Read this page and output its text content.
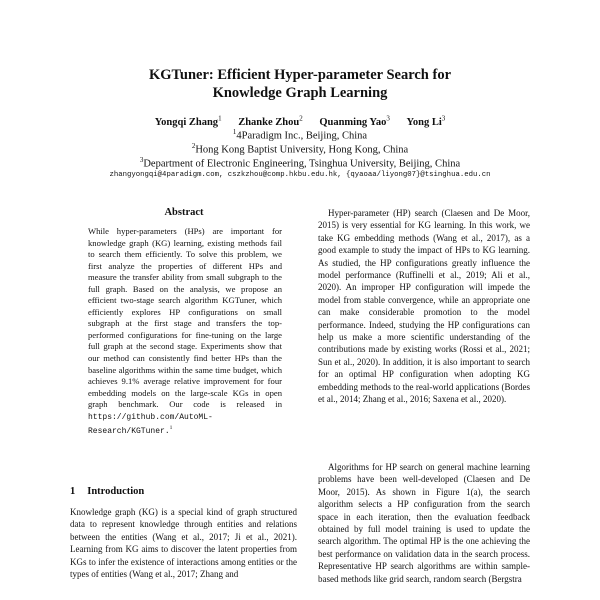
KGTuner: Efficient Hyper-parameter Search for
Knowledge Graph Learning
Yongqi Zhang$^1$ Zhanke Zhou$^2$ Quanming Yao$^3$ Yong Li$^3$
$^1$4Paradigm Inc., Beijing, China
$^2$Hong Kong Baptist University, Hong Kong, China
$^3$Department of Electronic Engineering, Tsinghua University, Beijing, China
zhangyongqi@4paradigm.com, cszkzhou@comp.hkbu.edu.hk, {qyaoaa/liyong07}@tsinghua.edu.cn
Abstract
While hyper-parameters (HPs) are important for knowledge graph (KG) learning, existing methods fail to search them efficiently. To solve this problem, we first analyze the properties of different HPs and measure the transfer ability from small subgraph to the full graph. Based on the analysis, we propose an efficient two-stage search algorithm KGTuner, which efficiently explores HP configurations on small subgraph at the first stage and transfers the top-performed configurations for fine-tuning on the large full graph at the second stage. Experiments show that our method can consistently find better HPs than the baseline algorithms within the same time budget, which achieves 9.1% average relative improvement for four embedding models on the large-scale KGs in open graph benchmark. Our code is released in https://github.com/AutoML-Research/KGTuner.$^1$
1 Introduction
Knowledge graph (KG) is a special kind of graph structured data to represent knowledge through entities and relations between the entities (Wang et al., 2017; Ji et al., 2021). Learning from KG aims to discover the latent properties from KGs to infer the existence of interactions among entities or the types of entities (Wang et al., 2017; Zhang and

Hyper-parameter (HP) search (Claesen and De Moor, 2015) is very essential for KG learning. In this work, we take KG embedding methods (Wang et al., 2017), as a good example to study the impact of HPs to KG learning. As studied, the HP configurations greatly influence the model performance (Ruffinelli et al., 2019; Ali et al., 2020). An improper HP configuration will impede the model from stable convergence, while an appropriate one can make considerable promotion to the model performance. Indeed, studying the HP configurations can help us make a more scientific understanding of the contributions made by existing works (Rossi et al., 2021; Sun et al., 2020). In addition, it is also important to search for an optimal HP configuration when adopting KG embedding methods to the real-world applications (Bordes et al., 2014; Zhang et al., 2016; Saxena et al., 2020).

Algorithms for HP search on general machine learning problems have been well-developed (Claesen and De Moor, 2015). As shown in Figure 1(a), the search algorithm selects a HP configuration from the search space in each iteration, then the evaluation feedback obtained by full model training is used to update the search algorithm. The optimal HP is the one achieving the best performance on validation data in the search process. Representative HP search algorithms are within sample-based methods like grid search, random search (Bergstra
